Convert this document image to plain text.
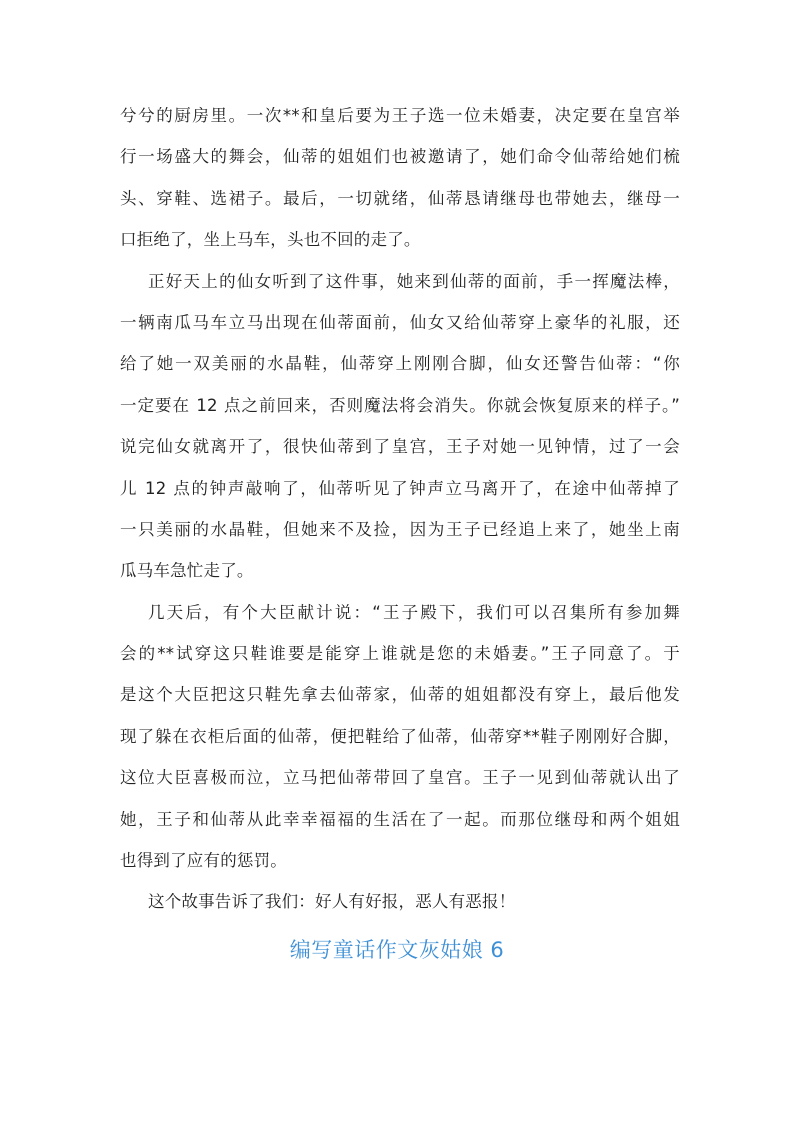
兮兮的厨房里。一次**和皇后要为王子选一位未婚妻，决定要在皇宫举
行一场盛大的舞会，仙蒂的姐姐们也被邀请了，她们命令仙蒂给她们梳
头、穿鞋、选裙子。最后，一切就绪，仙蒂恳请继母也带她去，继母一
口拒绝了，坐上马车，头也不回的走了。
正好天上的仙女听到了这件事，她来到仙蒂的面前，手一挥魔法棒，
一辆南瓜马车立马出现在仙蒂面前，仙女又给仙蒂穿上豪华的礼服，还
给了她一双美丽的水晶鞋，仙蒂穿上刚刚合脚，仙女还警告仙蒂：“你
一定要在 12 点之前回来，否则魔法将会消失。你就会恢复原来的样子。”
说完仙女就离开了，很快仙蒂到了皇宫，王子对她一见钟情，过了一会
儿 12 点的钟声敲响了，仙蒂听见了钟声立马离开了，在途中仙蒂掉了
一只美丽的水晶鞋，但她来不及捡，因为王子已经追上来了，她坐上南
瓜马车急忙走了。
几天后，有个大臣献计说：“王子殿下，我们可以召集所有参加舞
会的**试穿这只鞋谁要是能穿上谁就是您的未婚妻。”王子同意了。于
是这个大臣把这只鞋先拿去仙蒂家，仙蒂的姐姐都没有穿上，最后他发
现了躲在衣柜后面的仙蒂，便把鞋给了仙蒂，仙蒂穿**鞋子刚刚好合脚，
这位大臣喜极而泣，立马把仙蒂带回了皇宫。王子一见到仙蒂就认出了
她，王子和仙蒂从此幸幸福福的生活在了一起。而那位继母和两个姐姐
也得到了应有的惩罚。
这个故事告诉了我们：好人有好报，恶人有恶报！
编写童话作文灰姑娘 6
